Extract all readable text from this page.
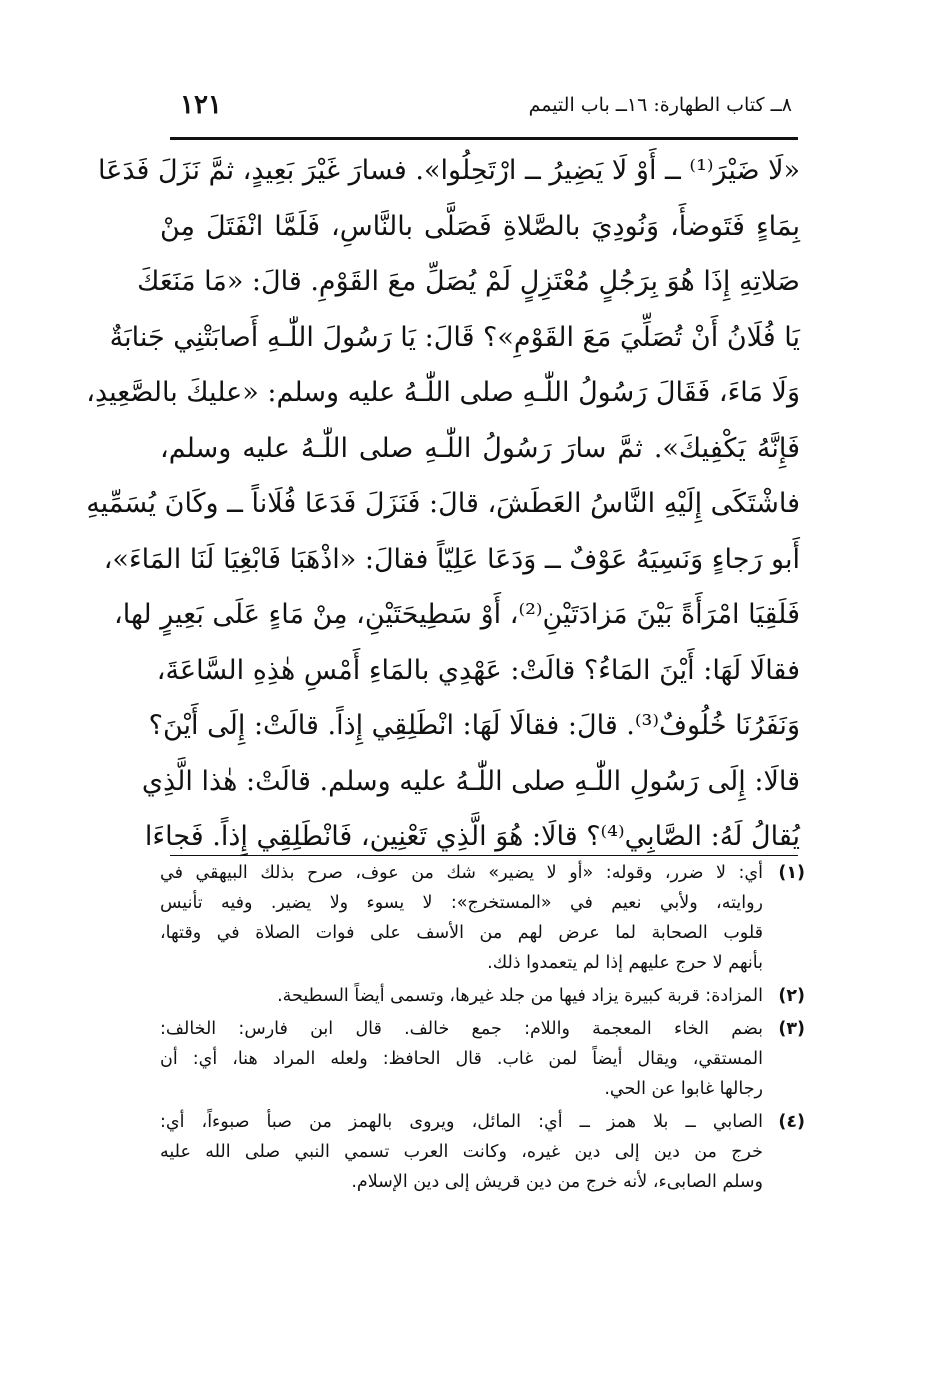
٨ــ كتاب الطهارة: ١٦ــ باب التيمم
١٢١
«لَا ضَيْرَ⁽¹⁾ ــ أَوْ لَا يَضِيرُ ــ ارْتَحِلُوا». فسارَ غَيْرَ بَعِيدٍ، ثمَّ نَزَلَ فَدَعَا
بِمَاءٍ فَتَوضأَ، وَنُودِيَ بالصَّلاةِ فَصَلَّى بالنَّاسِ، فَلَمَّا انْفَتَلَ مِنْ
صَلاتِهِ إِذَا هُوَ بِرَجُلٍ مُعْتَزِلٍ لَمْ يُصَلِّ معَ القَوْمِ. قالَ: «مَا مَنَعَكَ
يَا فُلَانُ أَنْ تُصَلِّيَ مَعَ القَوْمِ»؟ قَالَ: يَا رَسُولَ اللّٰـهِ أَصابَتْنِي جَنابَةٌ
وَلَا مَاءَ، فَقَالَ رَسُولُ اللّٰـهِ صلى اللّٰـهُ عليه وسلم: «عليكَ بالصَّعِيدِ،
فَإِنَّهُ يَكْفِيكَ». ثمَّ سارَ رَسُولُ اللّٰـهِ صلى اللّٰـهُ عليه وسلم،
فاشْتَكَى إِلَيْهِ النَّاسُ العَطَشَ، قالَ: فَنَزَلَ فَدَعَا فُلَاناً ــ وكَانَ يُسَمِّيهِ
أَبو رَجاءٍ وَنَسِيَهُ عَوْفٌ ــ وَدَعَا عَلِيّاً فقالَ: «اذْهَبَا فَابْغِيَا لَنَا المَاءَ»،
فَلَقِيَا امْرَأَةً بَيْنَ مَزادَتَيْنِ⁽²⁾، أَوْ سَطِيحَتَيْنِ، مِنْ مَاءٍ عَلَى بَعِيرٍ لها،
فقالَا لَهَا: أَيْنَ المَاءُ؟ قالَتْ: عَهْدِي بالمَاءِ أَمْسِ هٰذِهِ السَّاعَةَ،
وَنَفَرُنَا خُلُوفٌ⁽³⁾. قالَ: فقالَا لَهَا: انْطَلِقِي إِذاً. قالَتْ: إِلَى أَيْنَ؟
قالَا: إِلَى رَسُولِ اللّٰـهِ صلى اللّٰـهُ عليه وسلم. قالَتْ: هٰذا الَّذِي
يُقالُ لَهُ: الصَّابِي⁽⁴⁾؟ قالَا: هُوَ الَّذِي تَعْنِين، فَانْطَلِقِي إِذاً. فَجاءَا
(١)
أي: لا ضرر، وقوله: «أو لا يضير» شك من عوف، صرح بذلك البيهقي في
روايته، ولأبي نعيم في «المستخرج»: لا يسوء ولا يضير. وفيه تأنيس
قلوب الصحابة لما عرض لهم من الأسف على فوات الصلاة في وقتها،
بأنهم لا حرج عليهم إذا لم يتعمدوا ذلك.
(٢)
المزادة: قربة كبيرة يزاد فيها من جلد غيرها، وتسمى أيضاً السطيحة.
(٣)
بضم الخاء المعجمة واللام: جمع خالف. قال ابن فارس: الخالف:
المستقي، ويقال أيضاً لمن غاب. قال الحافظ: ولعله المراد هنا، أي: أن
رجالها غابوا عن الحي.
(٤)
الصابي ــ بلا همز ــ أي: المائل، ويروى بالهمز من صبأ صبوءاً، أي:
خرج من دين إلى دين غيره، وكانت العرب تسمي النبي صلى الله عليه
وسلم الصابىء، لأنه خرج من دين قريش إلى دين الإسلام.
